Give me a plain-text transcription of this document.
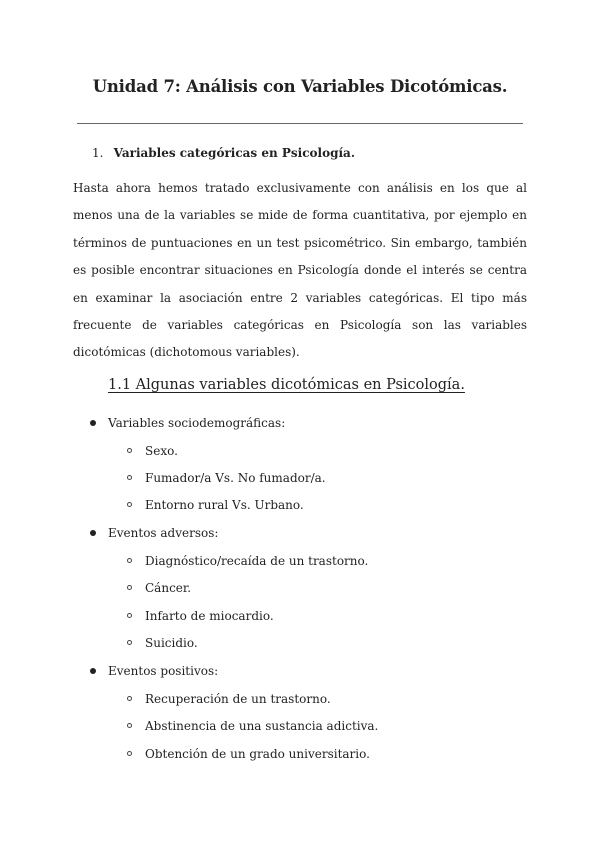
Unidad 7: Análisis con Variables Dicotómicas.
1. Variables categóricas en Psicología.

Hasta ahora hemos tratado exclusivamente con análisis en los que al menos una de la variables se mide de forma cuantitativa, por ejemplo en términos de puntuaciones en un test psicométrico. Sin embargo, también es posible encontrar situaciones en Psicología donde el interés se centra en examinar la asociación entre 2 variables categóricas. El tipo más frecuente de variables categóricas en Psicología son las variables dicotómicas (dichotomous variables).

1.1 Algunas variables dicotómicas en Psicología.
Variables sociodemográficas:
Sexo.
Fumador/a Vs. No fumador/a.
Entorno rural Vs. Urbano.
Eventos adversos:
Diagnóstico/recaída de un trastorno.
Cáncer.
Infarto de miocardio.
Suicidio.
Eventos positivos:
Recuperación de un trastorno.
Abstinencia de una sustancia adictiva.
Obtención de un grado universitario.
